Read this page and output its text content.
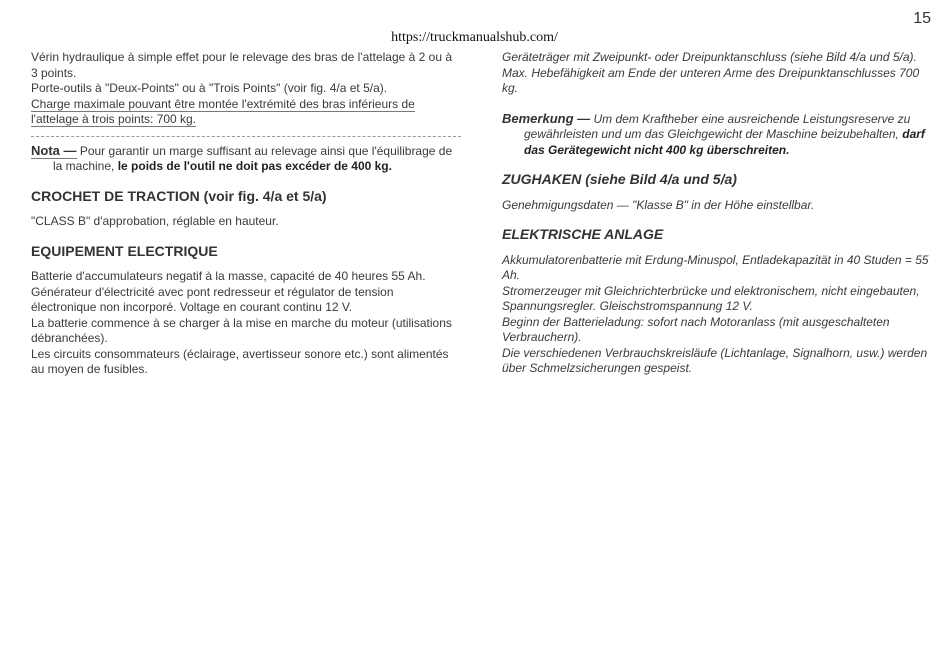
15
https://truckmanualshub.com/

Vérin hydraulique à simple effet pour le relevage des bras de l'attelage à 2 ou à 3 points.

Porte-outils à "Deux-Points" ou à "Trois Points" (voir fig. 4/a et 5/a).

Charge maximale pouvant être montée l'extrémité des bras inférieurs de l'attelage à trois points: 700 kg.

Nota — Pour garantir un marge suffisant au relevage ainsi que l'équilibrage de la machine, le poids de l'outil ne doit pas excéder de 400 kg.

CROCHET DE TRACTION (voir fig. 4/a et 5/a)

"CLASS B" d'approbation, réglable en hauteur.

EQUIPEMENT ELECTRIQUE

Batterie d'accumulateurs negatif à la masse, capacité de 40 heures 55 Ah.

Générateur d'électricité avec pont redresseur et régulator de tension électronique non incorporé. Voltage en courant continu 12 V.

La batterie commence à se charger à la mise en marche du moteur (utilisations débranchées).

Les circuits consommateurs (éclairage, avertisseur sonore etc.) sont alimentés au moyen de fusibles.

Geräteträger mit Zweipunkt- oder Dreipunktanschluss (siehe Bild 4/a und 5/a). Max. Hebefähigkeit am Ende der unteren Arme des Dreipunktanschlusses 700 kg.

Bemerkung — Um dem Kraftheber eine ausreichende Leistungsreserve zu gewährleisten und um das Gleichgewicht der Maschine beizubehalten, darf das Gerätegewicht nicht 400 kg überschreiten.

ZUGHAKEN (siehe Bild 4/a und 5/a)

Genehmigungsdaten — "Klasse B" in der Höhe einstellbar.

ELEKTRISCHE ANLAGE

Akkumulatorenbatterie mit Erdung-Minuspol, Entladekapazität in 40 Studen = 55 Ah.

Stromerzeuger mit Gleichrichterbrücke und elektronischem, nicht eingebauten, Spannungsregler. Gleischstromspannung 12 V.

Beginn der Batterieladung: sofort nach Motoranlass (mit ausgeschalteten Verbrauchern).

Die verschiedenen Verbrauchskreisläufe (Lichtanlage, Signalhorn, usw.) werden über Schmelzsicherungen gespeist.
